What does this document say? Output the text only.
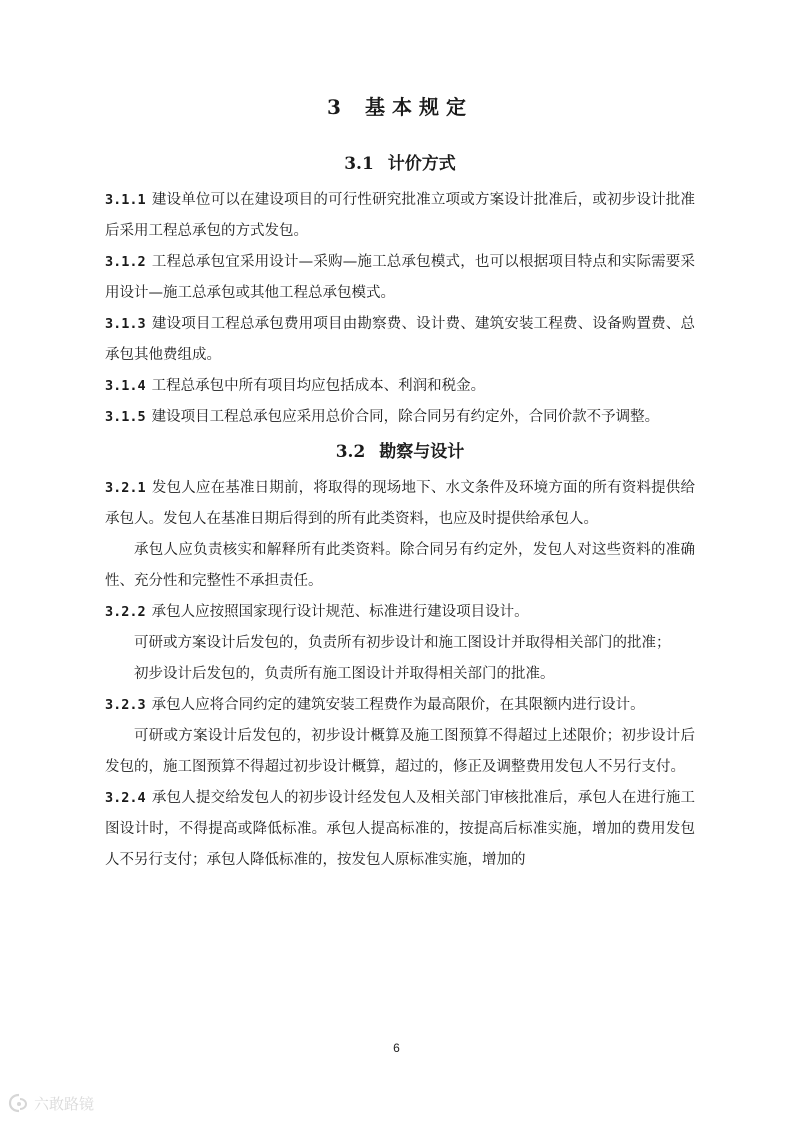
3 基本规定
3.1 计价方式

3.1.1 建设单位可以在建设项目的可行性研究批准立项或方案设计批准后，或初步设计批准后采用工程总承包的方式发包。

3.1.2 工程总承包宜采用设计—采购—施工总承包模式，也可以根据项目特点和实际需要采用设计—施工总承包或其他工程总承包模式。

3.1.3 建设项目工程总承包费用项目由勘察费、设计费、建筑安装工程费、设备购置费、总承包其他费组成。

3.1.4 工程总承包中所有项目均应包括成本、利润和税金。

3.1.5 建设项目工程总承包应采用总价合同，除合同另有约定外，合同价款不予调整。

3.2 勘察与设计

3.2.1 发包人应在基准日期前，将取得的现场地下、水文条件及环境方面的所有资料提供给承包人。发包人在基准日期后得到的所有此类资料，也应及时提供给承包人。

承包人应负责核实和解释所有此类资料。除合同另有约定外，发包人对这些资料的准确性、充分性和完整性不承担责任。

3.2.2 承包人应按照国家现行设计规范、标准进行建设项目设计。

可研或方案设计后发包的，负责所有初步设计和施工图设计并取得相关部门的批准；

初步设计后发包的，负责所有施工图设计并取得相关部门的批准。

3.2.3 承包人应将合同约定的建筑安装工程费作为最高限价，在其限额内进行设计。

可研或方案设计后发包的，初步设计概算及施工图预算不得超过上述限价；初步设计后发包的，施工图预算不得超过初步设计概算，超过的，修正及调整费用发包人不另行支付。

3.2.4 承包人提交给发包人的初步设计经发包人及相关部门审核批准后，承包人在进行施工图设计时，不得提高或降低标准。承包人提高标准的，按提高后标准实施，增加的费用发包人不另行支付；承包人降低标准的，按发包人原标准实施，增加的

6
六敢路镜
